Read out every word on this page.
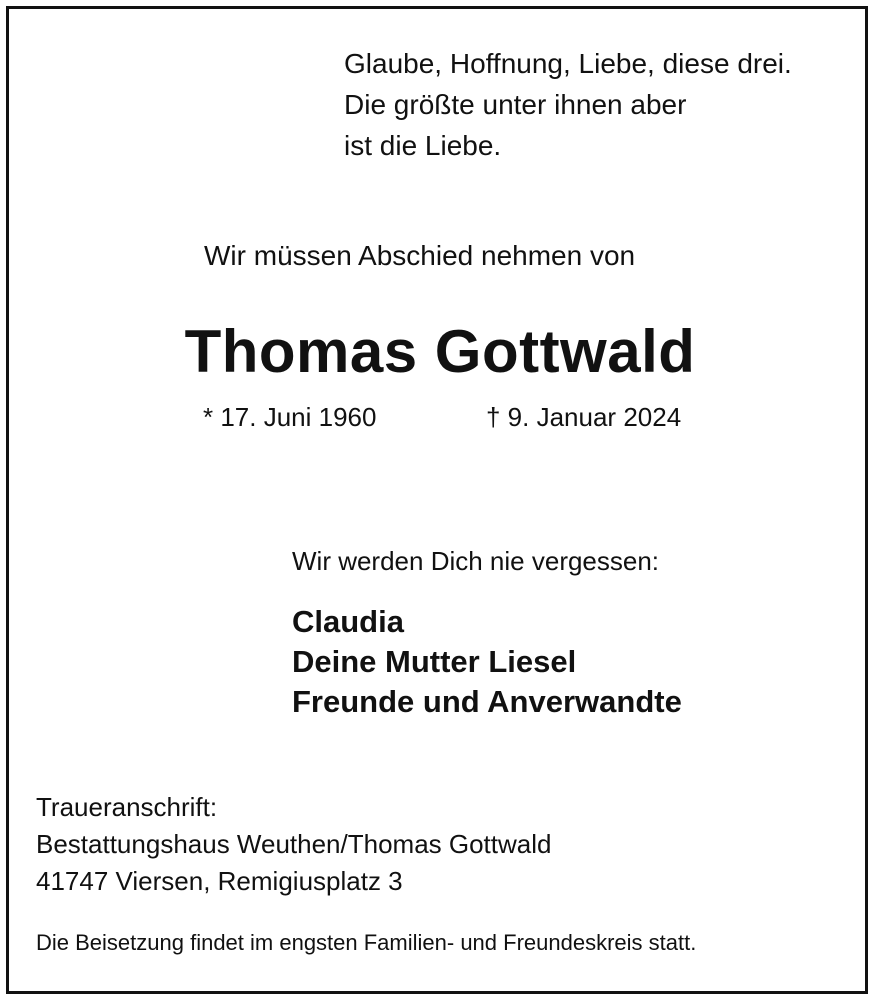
Glaube, Hoffnung, Liebe, diese drei.
Die größte unter ihnen aber
ist die Liebe.
Wir müssen Abschied nehmen von
Thomas Gottwald
* 17. Juni 1960	† 9. Januar 2024
Wir werden Dich nie vergessen:
Claudia
Deine Mutter Liesel
Freunde und Anverwandte
Traueranschrift:
Bestattungshaus Weuthen/Thomas Gottwald
41747 Viersen, Remigiusplatz 3
Die Beisetzung findet im engsten Familien- und Freundeskreis statt.
